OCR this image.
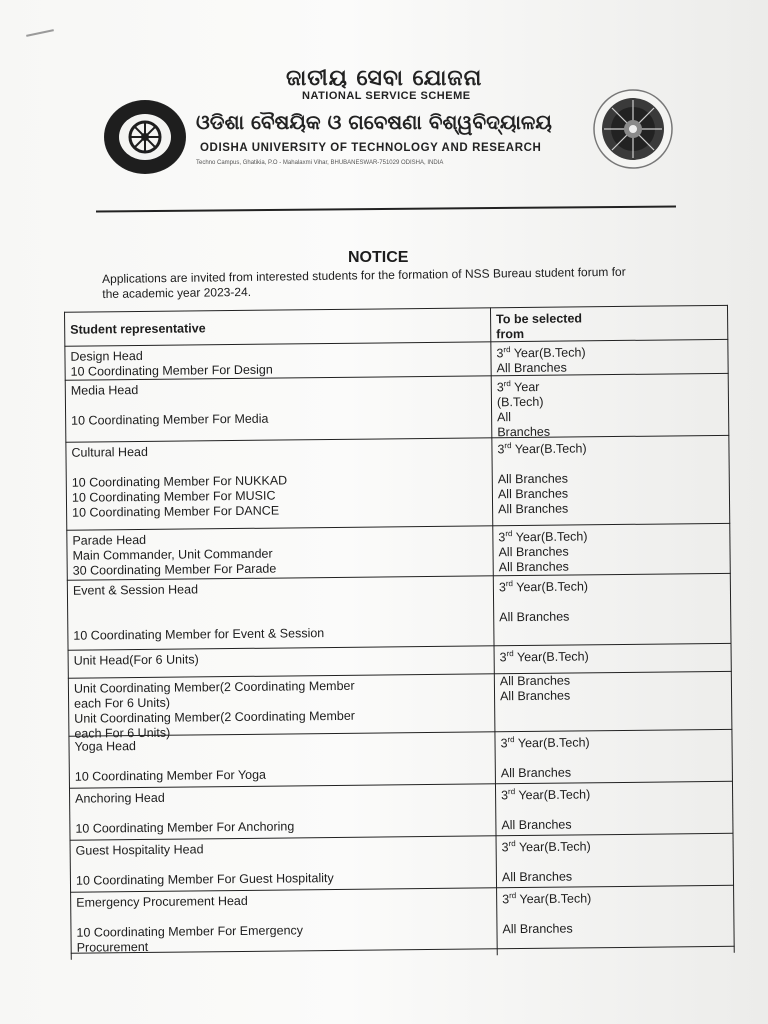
ଜାତୀୟ ସେବା ଯୋଜନା
NATIONAL SERVICE SCHEME
ଓଡିଶା ବୈଷୟିକ ଓ ଗବେଷଣା ବିଶ୍ୱବିଦ୍ୟାଳୟ
ODISHA UNIVERSITY OF TECHNOLOGY AND RESEARCH
Techno Campus, Ghatikia, P.O - Mahalaxmi Vihar, BHUBANESWAR-751029 ODISHA, INDIA
NOTICE
Applications are invited from interested students for the formation of NSS Bureau student forum for the academic year 2023-24.
Student representative
To be selected
from
Design Head
10 Coordinating Member For Design
3rd Year(B.Tech)
All Branches
Media Head

10 Coordinating Member For Media
3rd Year
(B.Tech)
All
Branches
Cultural Head

10 Coordinating Member For NUKKAD
10 Coordinating Member For MUSIC
10 Coordinating Member For DANCE
3rd Year(B.Tech)

All Branches
All Branches
All Branches
Parade Head
Main Commander, Unit Commander
30 Coordinating Member For Parade
3rd Year(B.Tech)
All Branches
All Branches
Event & Session Head

10 Coordinating Member for Event & Session
3rd Year(B.Tech)

All Branches
Unit Head(For 6 Units)	3rd Year(B.Tech)
Unit Coordinating Member(2 Coordinating Member
each For 6 Units)
Unit Coordinating Member(2 Coordinating Member
each For 6 Units)
All Branches
All Branches
Yoga Head

10 Coordinating Member For Yoga
3rd Year(B.Tech)

All Branches
Anchoring Head

10 Coordinating Member For Anchoring
3rd Year(B.Tech)

All Branches
Guest Hospitality Head

10 Coordinating Member For Guest Hospitality
3rd Year(B.Tech)

All Branches
Emergency Procurement Head

10 Coordinating Member For Emergency
Procurement
3rd Year(B.Tech)

All Branches
